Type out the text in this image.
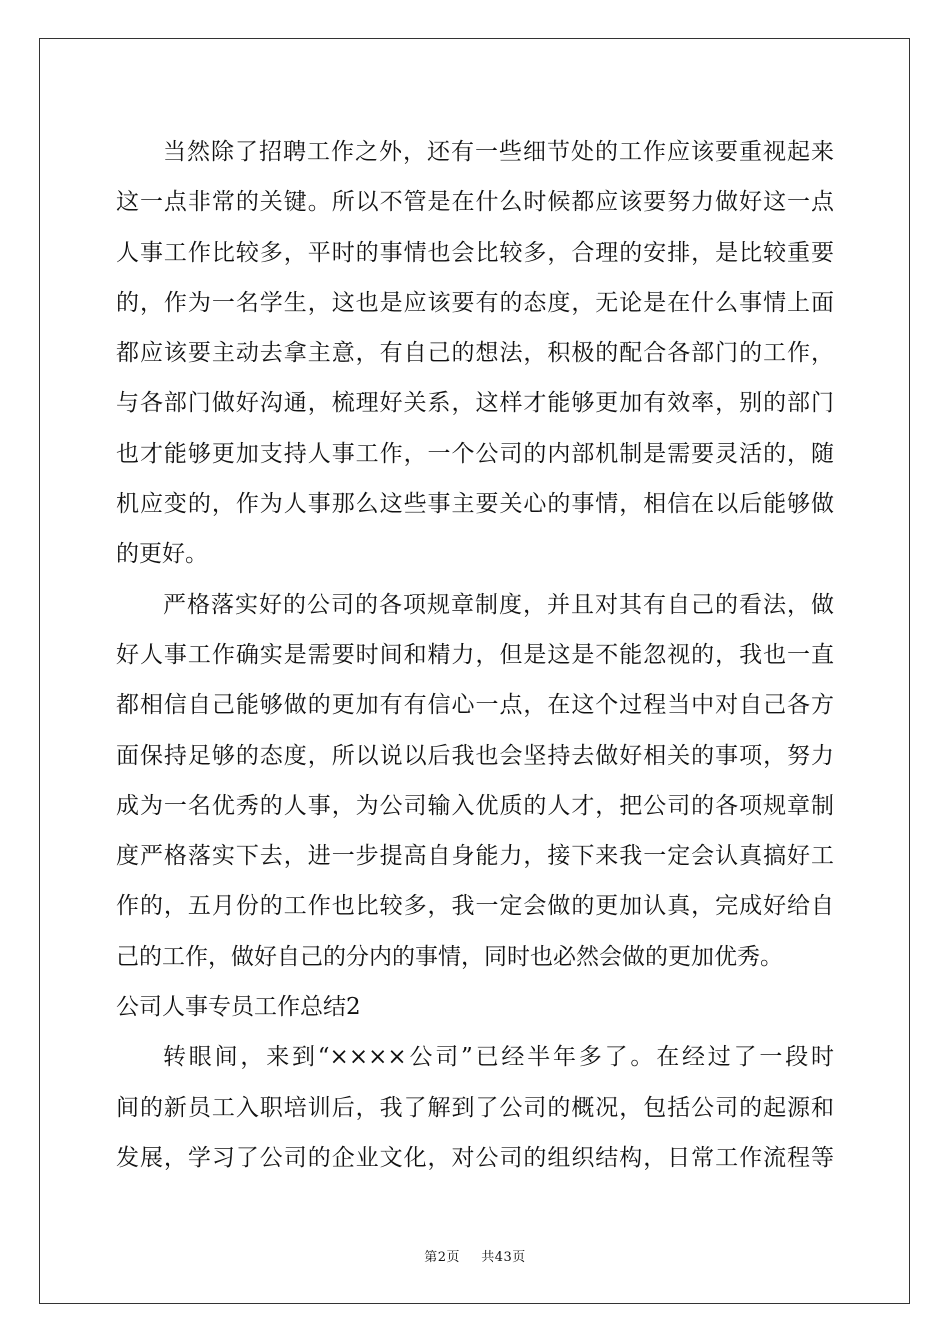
当然除了招聘工作之外，还有一些细节处的工作应该要重视起来
这一点非常的关键。所以不管是在什么时候都应该要努力做好这一点
人事工作比较多，平时的事情也会比较多，合理的安排，是比较重要
的，作为一名学生，这也是应该要有的态度，无论是在什么事情上面
都应该要主动去拿主意，有自己的想法，积极的配合各部门的工作，
与各部门做好沟通，梳理好关系，这样才能够更加有效率，别的部门
也才能够更加支持人事工作，一个公司的内部机制是需要灵活的，随
机应变的，作为人事那么这些事主要关心的事情，相信在以后能够做
的更好。
严格落实好的公司的各项规章制度，并且对其有自己的看法，做
好人事工作确实是需要时间和精力，但是这是不能忽视的，我也一直
都相信自己能够做的更加有有信心一点，在这个过程当中对自己各方
面保持足够的态度，所以说以后我也会坚持去做好相关的事项，努力
成为一名优秀的人事，为公司输入优质的人才，把公司的各项规章制
度严格落实下去，进一步提高自身能力，接下来我一定会认真搞好工
作的，五月份的工作也比较多，我一定会做的更加认真，完成好给自
己的工作，做好自己的分内的事情，同时也必然会做的更加优秀。
公司人事专员工作总结2
转眼间，来到“××××公司”已经半年多了。在经过了一段时
间的新员工入职培训后，我了解到了公司的概况，包括公司的起源和
发展，学习了公司的企业文化，对公司的组织结构，日常工作流程等
第2页 共43页
